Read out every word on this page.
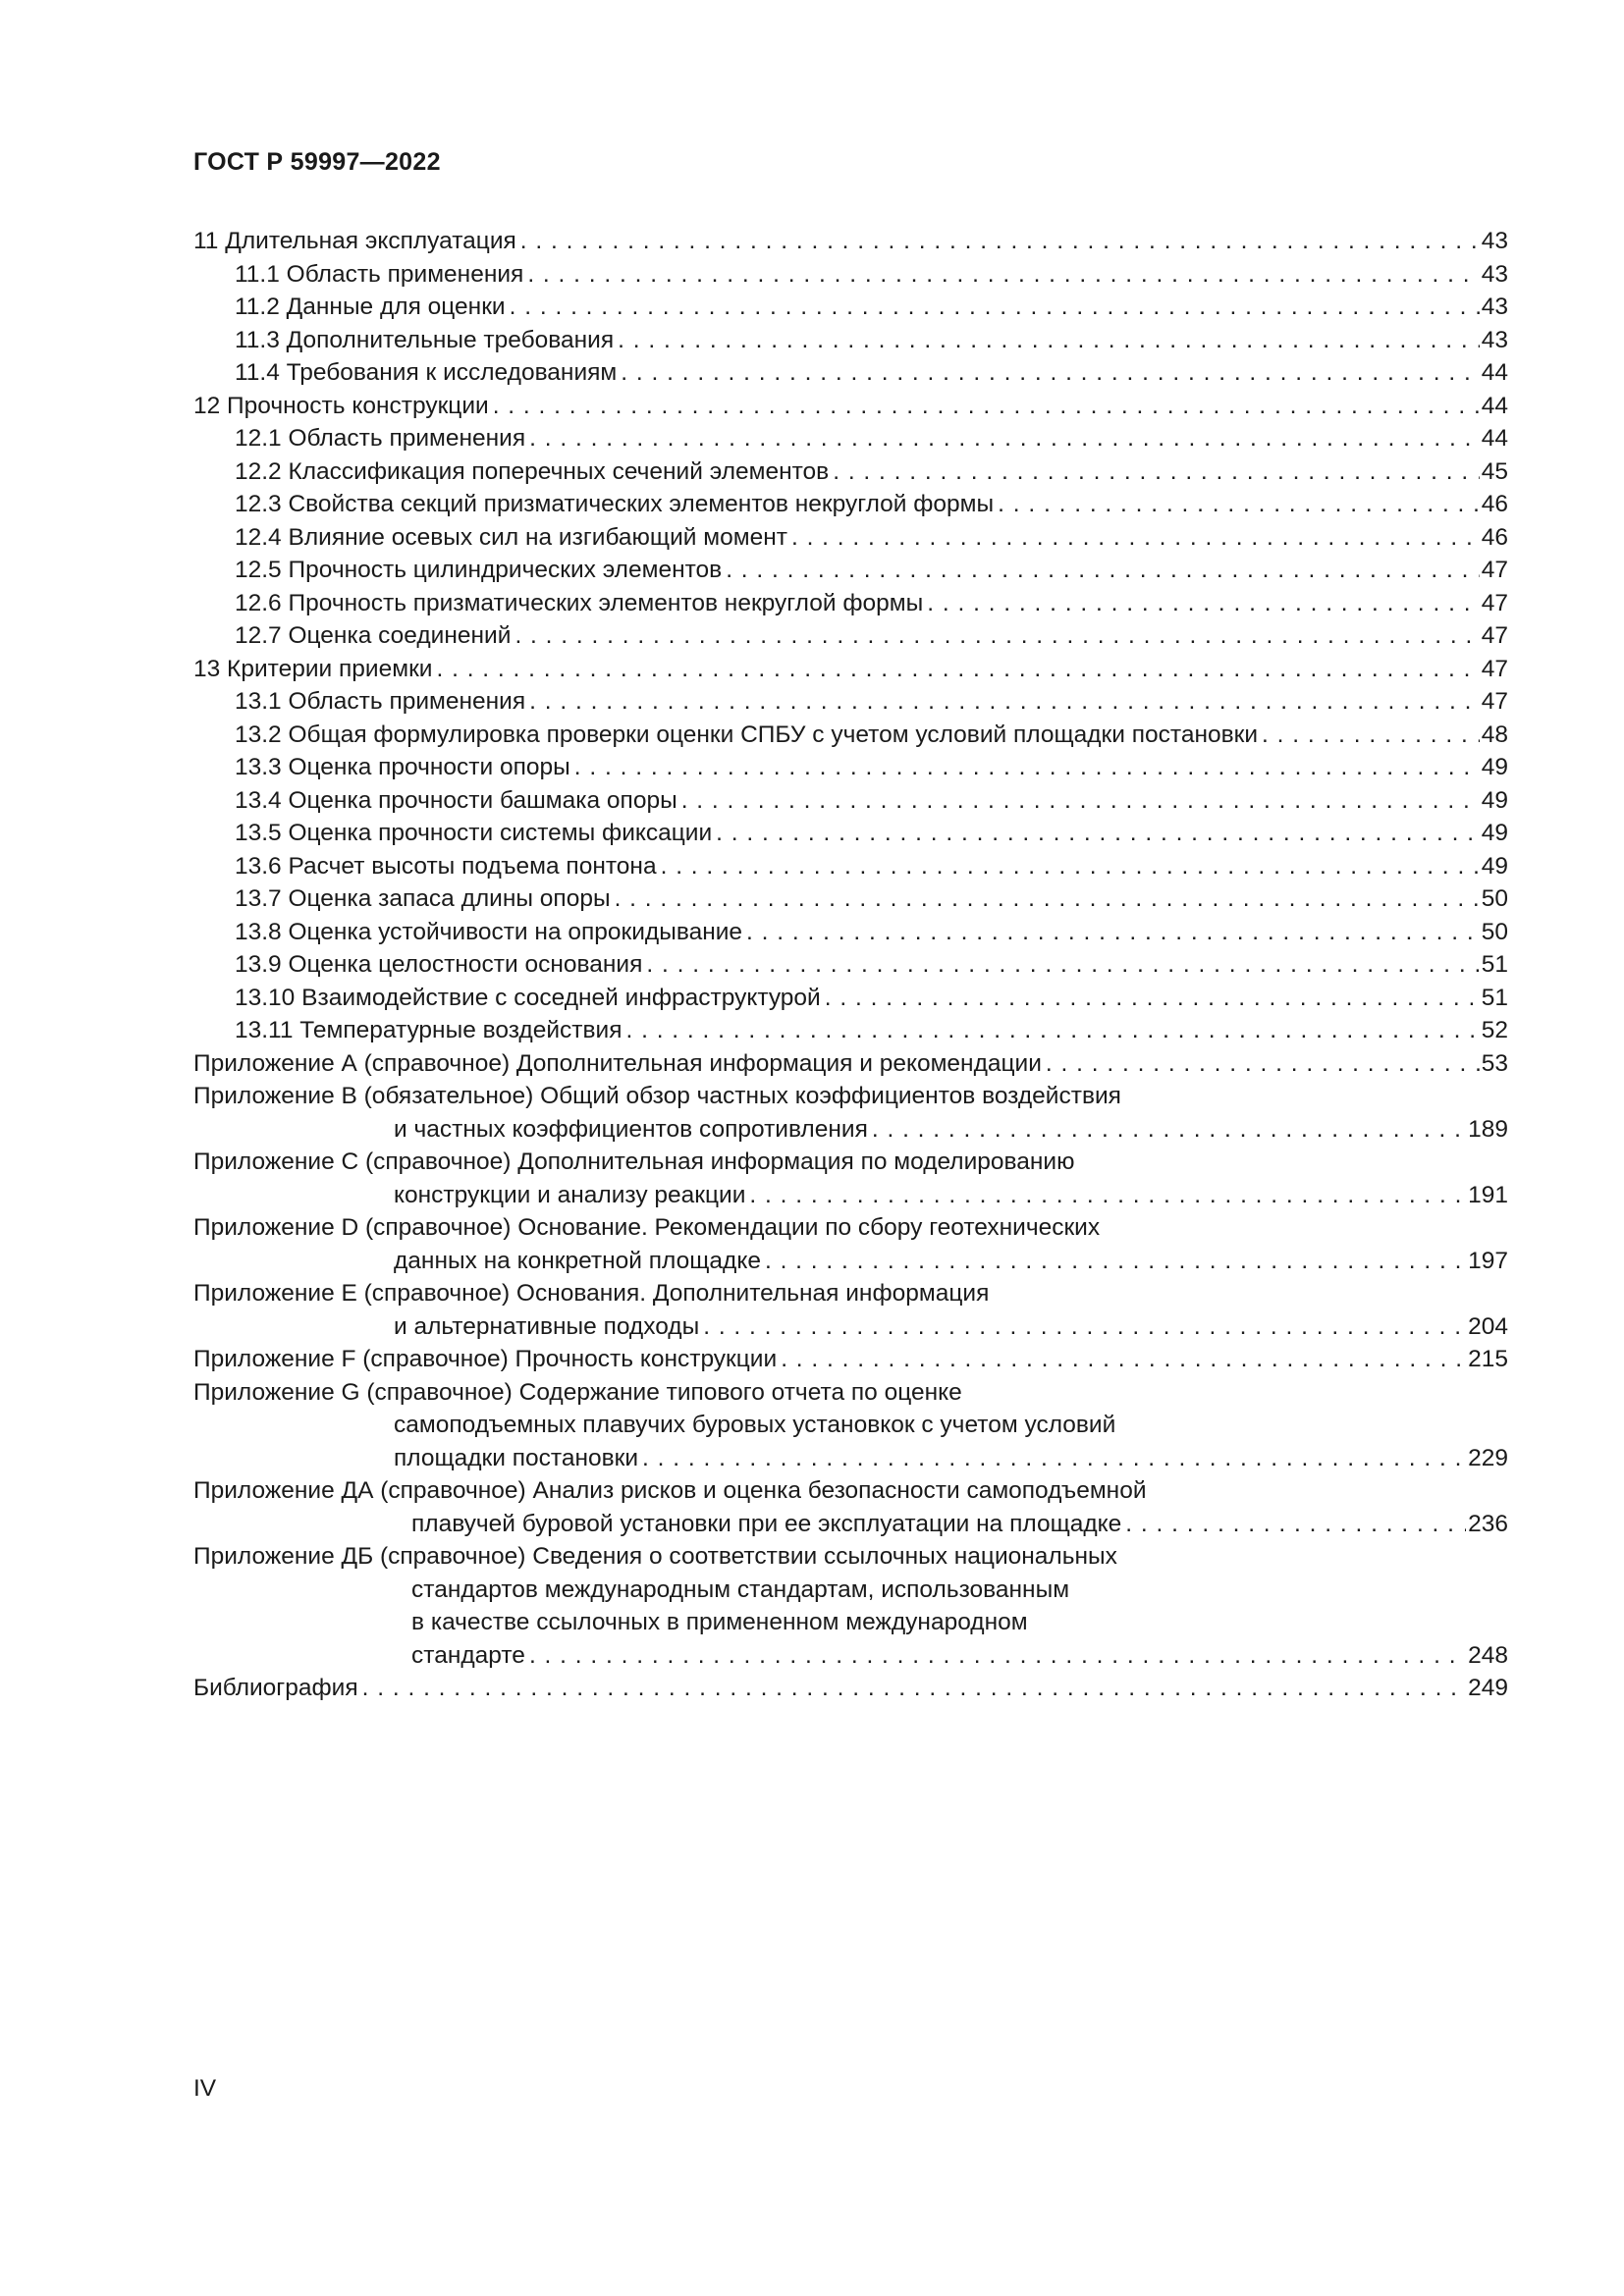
ГОСТ Р 59997—2022
11 Длительная эксплуатация . . .	43
11.1 Область применения . . .	43
11.2 Данные для оценки . . .	43
11.3 Дополнительные требования . . .	43
11.4 Требования к исследованиям . . .	44
12 Прочность конструкции . . .	44
12.1 Область применения . . .	44
12.2 Классификация поперечных сечений элементов . . .	45
12.3 Свойства секций призматических элементов некруглой формы . . .	46
12.4 Влияние осевых сил на изгибающий момент . . .	46
12.5 Прочность цилиндрических элементов . . .	47
12.6 Прочность призматических элементов некруглой формы . . .	47
12.7 Оценка соединений . . .	47
13 Критерии приемки . . .	47
13.1 Область применения . . .	47
13.2 Общая формулировка проверки оценки СПБУ с учетом условий площадки постановки . . .	48
13.3 Оценка прочности опоры . . .	49
13.4 Оценка прочности башмака опоры . . .	49
13.5 Оценка прочности системы фиксации . . .	49
13.6 Расчет высоты подъема понтона . . .	49
13.7 Оценка запаса длины опоры . . .	50
13.8 Оценка устойчивости на опрокидывание . . .	50
13.9 Оценка целостности основания . . .	51
13.10 Взаимодействие с соседней инфраструктурой . . .	51
13.11 Температурные воздействия . . .	52
Приложение А (справочное) Дополнительная информация и рекомендации . . .	53
Приложение В (обязательное) Общий обзор частных коэффициентов воздействия
и частных коэффициентов сопротивления . . .	189
Приложение С (справочное) Дополнительная информация по моделированию
конструкции и анализу реакции . . .	191
Приложение D (справочное) Основание. Рекомендации по сбору геотехнических
данных на конкретной площадке . . .	197
Приложение Е (справочное) Основания. Дополнительная информация
и альтернативные подходы . . .	204
Приложение F (справочное) Прочность конструкции . . .	215
Приложение G (справочное) Содержание типового отчета по оценке
самоподъемных плавучих буровых установкок с учетом условий
площадки постановки . . .	229
Приложение ДА (справочное) Анализ рисков и оценка безопасности самоподъемной
плавучей буровой установки при ее эксплуатации на площадке . . .	236
Приложение ДБ (справочное) Сведения о соответствии ссылочных национальных
стандартов международным стандартам, использованным
в качестве ссылочных в примененном международном
стандарте . . .	248
Библиография . . .	249
IV
